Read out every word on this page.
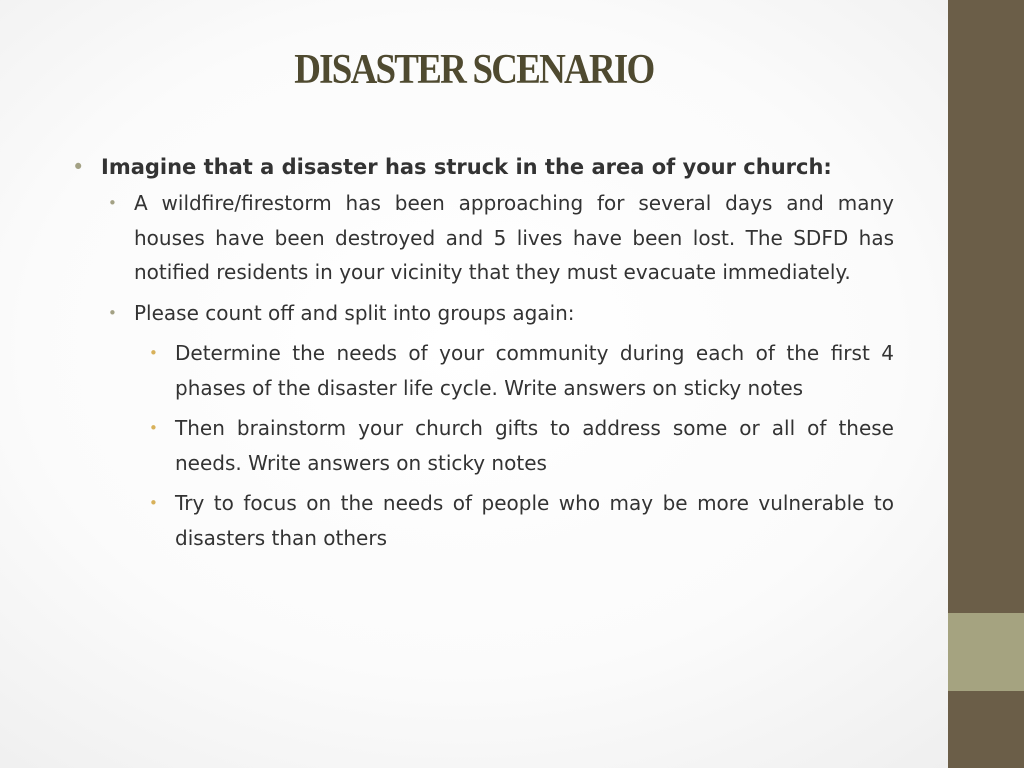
DISASTER SCENARIO
• Imagine that a disaster has struck in the area of your church:
• A wildfire/firestorm has been approaching for several days and many houses have been destroyed and 5 lives have been lost. The SDFD has notified residents in your vicinity that they must evacuate immediately.
• Please count off and split into groups again:
• Determine the needs of your community during each of the first 4 phases of the disaster life cycle. Write answers on sticky notes
• Then brainstorm your church gifts to address some or all of these needs. Write answers on sticky notes
• Try to focus on the needs of people who may be more vulnerable to disasters than others
